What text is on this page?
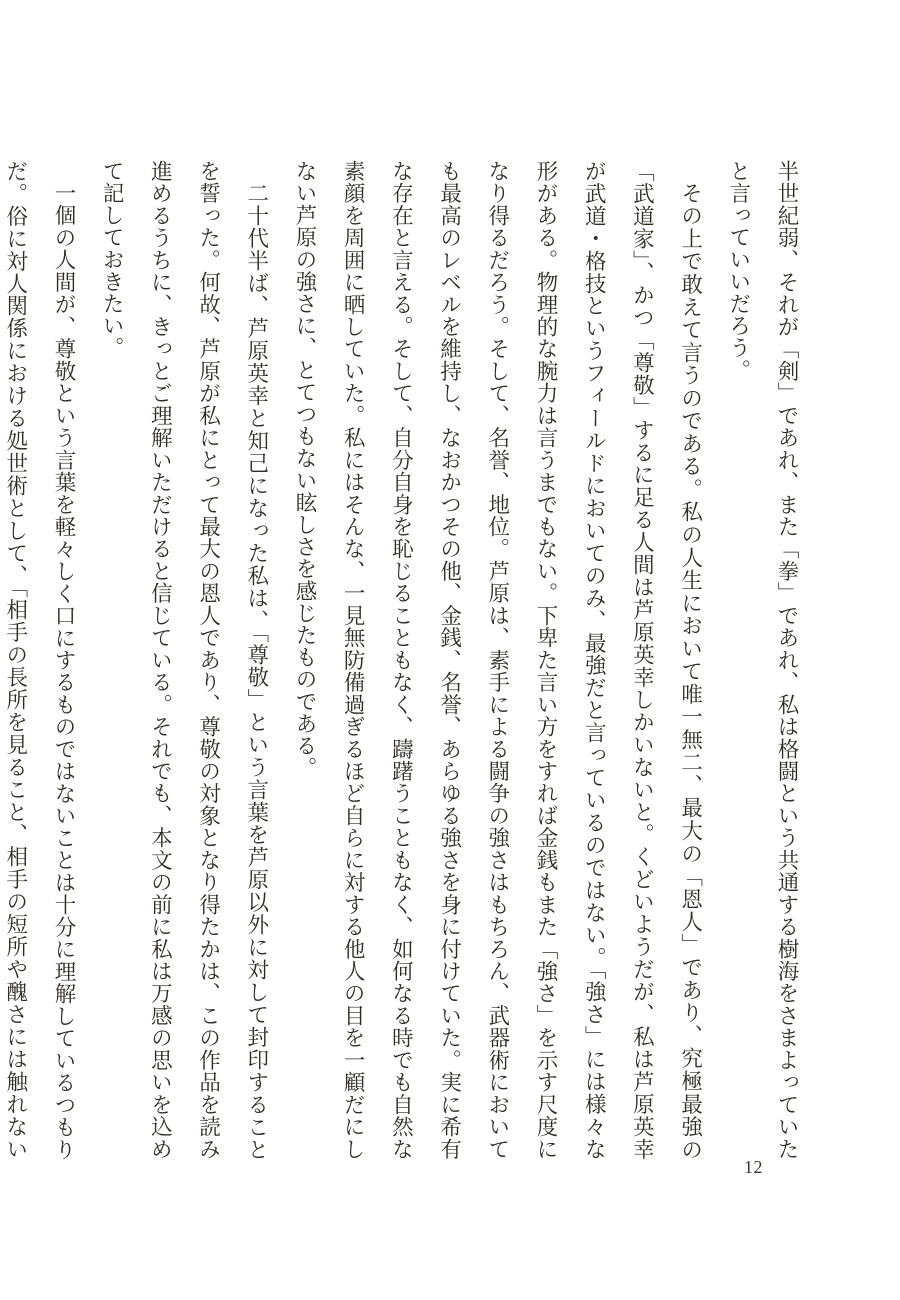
半世紀弱、それが「剣」であれ、また「拳」であれ、私は格闘という共通する樹海をさまよっていたと言っていいだろう。

その上で敢えて言うのである。私の人生において唯一無二、最大の「恩人」であり、究極最強の「武道家」、かつ「尊敬」するに足る人間は芦原英幸しかいないと。くどいようだが、私は芦原英幸が武道・格技というフィールドにおいてのみ、最強だと言っているのではない。「強さ」には様々な形がある。物理的な腕力は言うまでもない。下卑た言い方をすれば金銭もまた「強さ」を示す尺度になり得るだろう。そして、名誉、地位。芦原は、素手による闘争の強さはもちろん、武器術においても最高のレベルを維持し、なおかつその他、金銭、名誉、あらゆる強さを身に付けていた。実に希有な存在と言える。そして、自分自身を恥じることもなく、躊躇うこともなく、如何なる時でも自然な素顔を周囲に晒していた。私にはそんな、一見無防備過ぎるほど自らに対する他人の目を一顧だにしない芦原の強さに、とてつもない眩しさを感じたものである。

二十代半ば、芦原英幸と知己になった私は、「尊敬」という言葉を芦原以外に対して封印することを誓った。何故、芦原が私にとって最大の恩人であり、尊敬の対象となり得たかは、この作品を読み進めるうちに、きっとご理解いただけると信じている。それでも、本文の前に私は万感の思いを込めて記しておきたい。

一個の人間が、尊敬という言葉を軽々しく口にするものではないことは十分に理解しているつもりだ。俗に対人関係における処世術として、「相手の長所を見ること、相手の短所や醜さには触れない

12
